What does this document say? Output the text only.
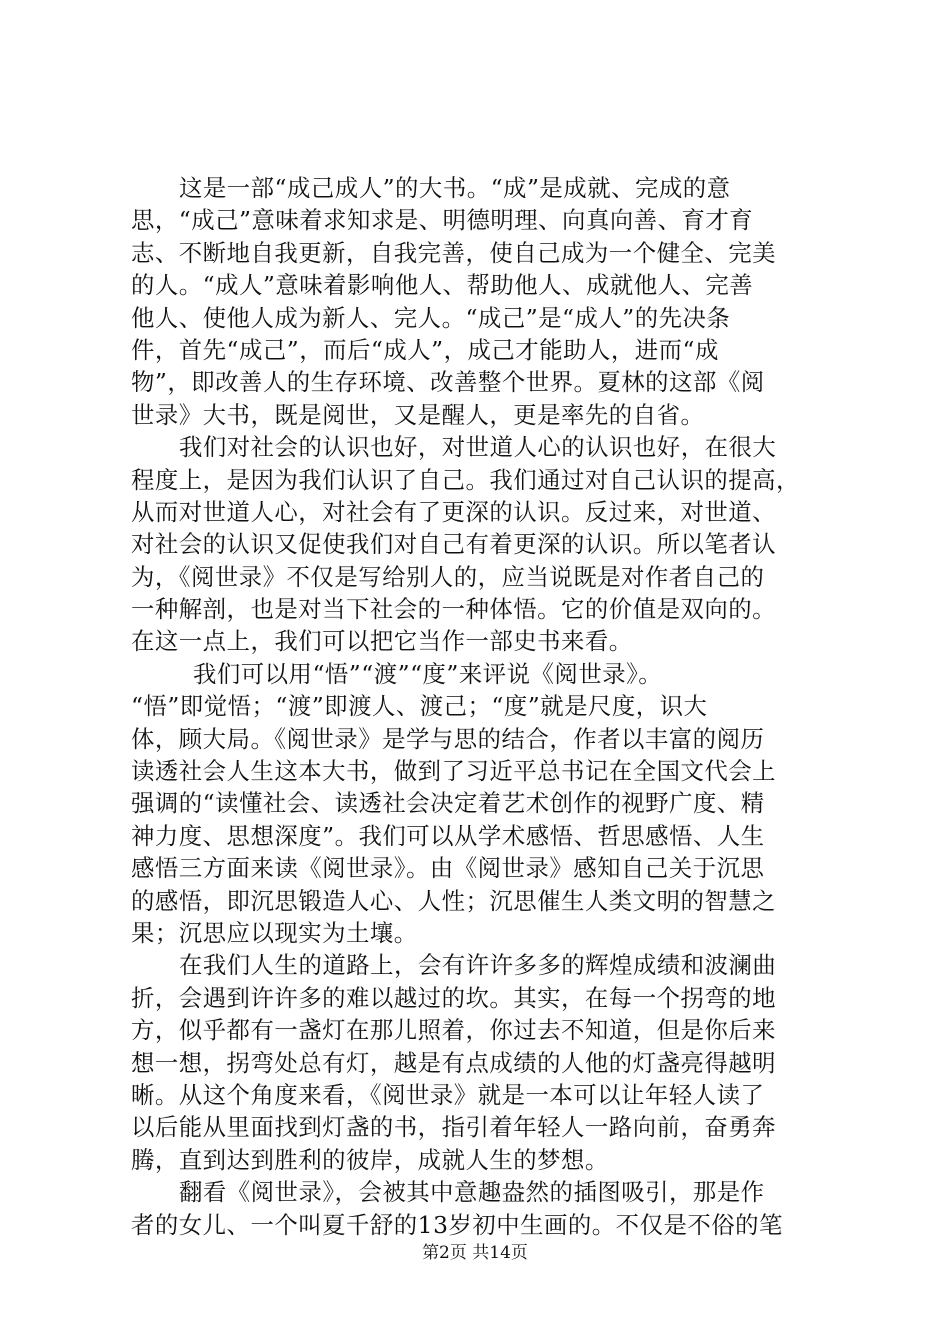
这是一部“成己成人”的大书。“成”是成就、完成的意
思，“成己”意味着求知求是、明德明理、向真向善、育才育
志、不断地自我更新，自我完善，使自己成为一个健全、完美
的人。“成人”意味着影响他人、帮助他人、成就他人、完善
他人、使他人成为新人、完人。“成己”是“成人”的先决条
件，首先“成己”，而后“成人”，成己才能助人，进而“成
物”，即改善人的生存环境、改善整个世界。夏林的这部《阅
世录》大书，既是阅世，又是醒人，更是率先的自省。
我们对社会的认识也好，对世道人心的认识也好，在很大
程度上，是因为我们认识了自己。我们通过对自己认识的提高，
从而对世道人心，对社会有了更深的认识。反过来，对世道、
对社会的认识又促使我们对自己有着更深的认识。所以笔者认
为，《阅世录》不仅是写给别人的，应当说既是对作者自己的
一种解剖，也是对当下社会的一种体悟。它的价值是双向的。
在这一点上，我们可以把它当作一部史书来看。
我们可以用“悟”“渡”“度”来评说《阅世录》。
“悟”即觉悟；“渡”即渡人、渡己；“度”就是尺度，识大
体，顾大局。《阅世录》是学与思的结合，作者以丰富的阅历
读透社会人生这本大书，做到了习近平总书记在全国文代会上
强调的“读懂社会、读透社会决定着艺术创作的视野广度、精
神力度、思想深度”。我们可以从学术感悟、哲思感悟、人生
感悟三方面来读《阅世录》。由《阅世录》感知自己关于沉思
的感悟，即沉思锻造人心、人性；沉思催生人类文明的智慧之
果；沉思应以现实为土壤。
在我们人生的道路上，会有许许多多的辉煌成绩和波澜曲
折，会遇到许许多的难以越过的坎。其实，在每一个拐弯的地
方，似乎都有一盏灯在那儿照着，你过去不知道，但是你后来
想一想，拐弯处总有灯，越是有点成绩的人他的灯盏亮得越明
晰。从这个角度来看，《阅世录》就是一本可以让年轻人读了
以后能从里面找到灯盏的书，指引着年轻人一路向前，奋勇奔
腾，直到达到胜利的彼岸，成就人生的梦想。
翻看《阅世录》，会被其中意趣盎然的插图吸引，那是作
者的女儿、一个叫夏千舒的13岁初中生画的。不仅是不俗的笔
第2页 共14页
